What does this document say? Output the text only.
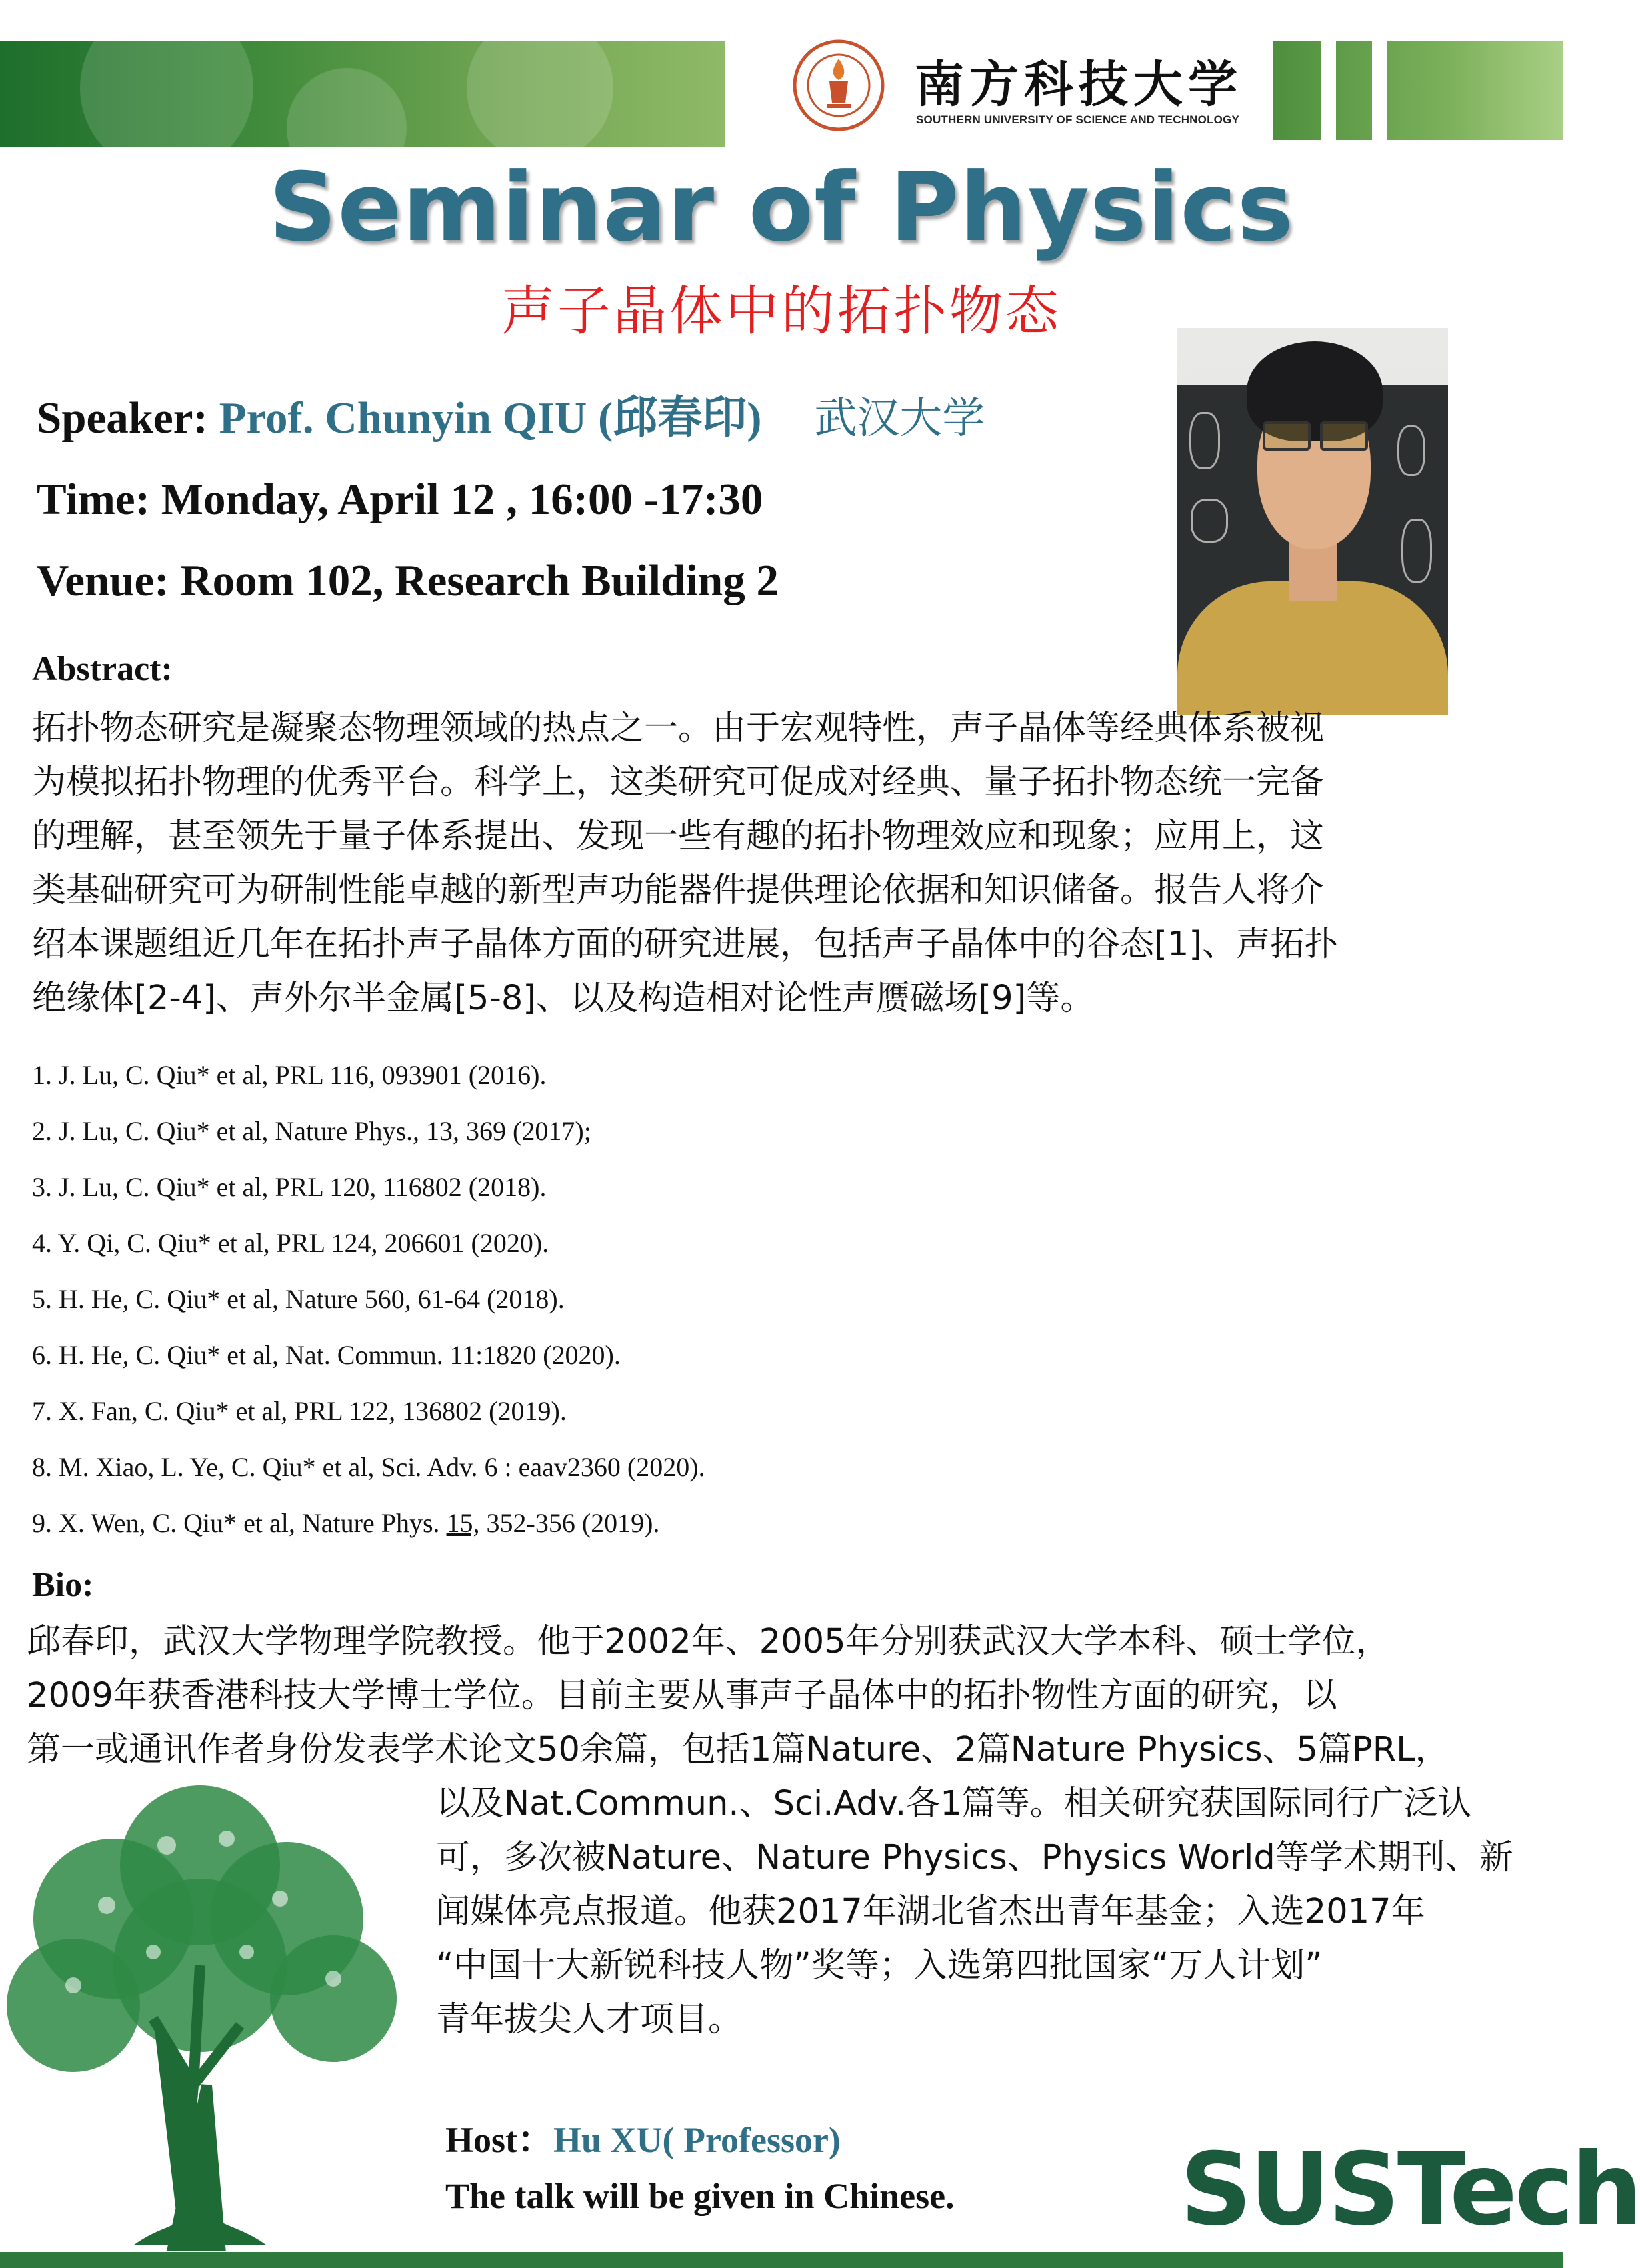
南方科技大学
SOUTHERN UNIVERSITY OF SCIENCE AND TECHNOLOGY
Seminar of Physics
声子晶体中的拓扑物态
Speaker: Prof. Chunyin QIU (邱春印) 武汉大学
Time: Monday, April 12 , 16:00 -17:30
Venue: Room 102, Research Building 2
Abstract:
拓扑物态研究是凝聚态物理领域的热点之一。由于宏观特性，声子晶体等经典体系被视
为模拟拓扑物理的优秀平台。科学上，这类研究可促成对经典、量子拓扑物态统一完备
的理解，甚至领先于量子体系提出、发现一些有趣的拓扑物理效应和现象；应用上，这
类基础研究可为研制性能卓越的新型声功能器件提供理论依据和知识储备。报告人将介
绍本课题组近几年在拓扑声子晶体方面的研究进展，包括声子晶体中的谷态[1]、声拓扑
绝缘体[2-4]、声外尔半金属[5-8]、以及构造相对论性声赝磁场[9]等。
1. J. Lu, C. Qiu* et al, PRL 116, 093901 (2016).
2. J. Lu, C. Qiu* et al, Nature Phys., 13, 369 (2017);
3. J. Lu, C. Qiu* et al, PRL 120, 116802 (2018).
4. Y. Qi, C. Qiu* et al, PRL 124, 206601 (2020).
5. H. He, C. Qiu* et al, Nature 560, 61-64 (2018).
6. H. He, C. Qiu* et al, Nat. Commun. 11:1820 (2020).
7. X. Fan, C. Qiu* et al, PRL 122, 136802 (2019).
8. M. Xiao, L. Ye, C. Qiu* et al, Sci. Adv. 6 : eaav2360 (2020).
9. X. Wen, C. Qiu* et al, Nature Phys. 15, 352-356 (2019).
Bio:
邱春印，武汉大学物理学院教授。他于2002年、2005年分别获武汉大学本科、硕士学位，
2009年获香港科技大学博士学位。目前主要从事声子晶体中的拓扑物性方面的研究，以
第一或通讯作者身份发表学术论文50余篇，包括1篇Nature、2篇Nature Physics、5篇PRL，
以及Nat.Commun.、Sci.Adv.各1篇等。相关研究获国际同行广泛认
可，多次被Nature、Nature Physics、Physics World等学术期刊、新
闻媒体亮点报道。他获2017年湖北省杰出青年基金；入选2017年
“中国十大新锐科技人物”奖等；入选第四批国家“万人计划”
青年拔尖人才项目。
Host：Hu XU( Professor)
The talk will be given in Chinese. SUSTech
